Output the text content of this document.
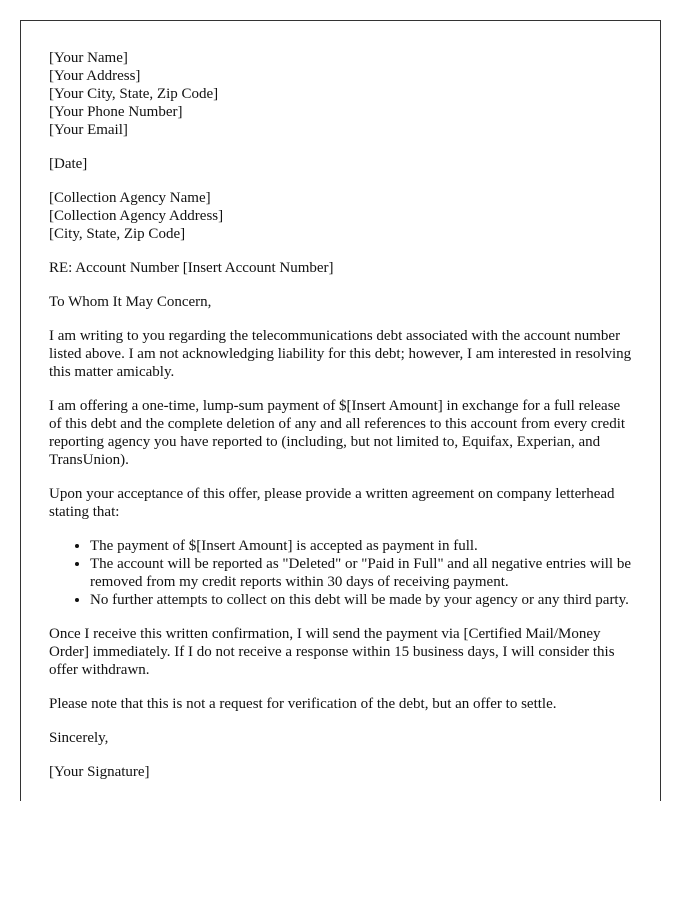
[Your Name]
[Your Address]
[Your City, State, Zip Code]
[Your Phone Number]
[Your Email]

[Date]

[Collection Agency Name]
[Collection Agency Address]
[City, State, Zip Code]

RE: Account Number [Insert Account Number]

To Whom It May Concern,

I am writing to you regarding the telecommunications debt associated with the account number listed above. I am not acknowledging liability for this debt; however, I am interested in resolving this matter amicably.

I am offering a one-time, lump-sum payment of $[Insert Amount] in exchange for a full release of this debt and the complete deletion of any and all references to this account from every credit reporting agency you have reported to (including, but not limited to, Equifax, Experian, and TransUnion).

Upon your acceptance of this offer, please provide a written agreement on company letterhead stating that:

• The payment of $[Insert Amount] is accepted as payment in full.
• The account will be reported as "Deleted" or "Paid in Full" and all negative entries will be removed from my credit reports within 30 days of receiving payment.
• No further attempts to collect on this debt will be made by your agency or any third party.

Once I receive this written confirmation, I will send the payment via [Certified Mail/Money Order] immediately. If I do not receive a response within 15 business days, I will consider this offer withdrawn.

Please note that this is not a request for verification of the debt, but an offer to settle.

Sincerely,

[Your Signature]
